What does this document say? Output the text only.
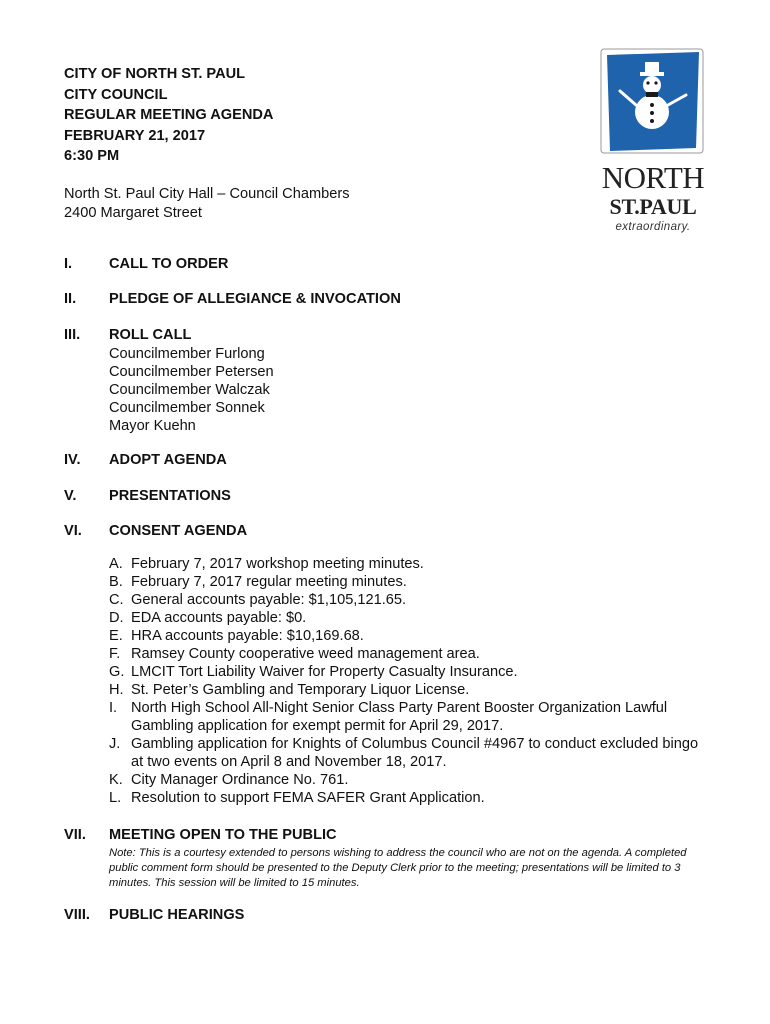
CITY OF NORTH ST. PAUL
CITY COUNCIL
REGULAR MEETING AGENDA
FEBRUARY 21, 2017
6:30 PM
North St. Paul City Hall – Council Chambers
2400 Margaret Street
NORTH
ST.PAUL
extraordinary.
I.	CALL TO ORDER
II.	PLEDGE OF ALLEGIANCE & INVOCATION
III.	ROLL CALL
Councilmember Furlong
Councilmember Petersen
Councilmember Walczak
Councilmember Sonnek
Mayor Kuehn
IV.	ADOPT AGENDA
V.	PRESENTATIONS
VI.	CONSENT AGENDA
A. February 7, 2017 workshop meeting minutes.
B. February 7, 2017 regular meeting minutes.
C. General accounts payable: $1,105,121.65.
D. EDA accounts payable: $0.
E. HRA accounts payable: $10,169.68.
F. Ramsey County cooperative weed management area.
G. LMCIT Tort Liability Waiver for Property Casualty Insurance.
H. St. Peter’s Gambling and Temporary Liquor License.
I. North High School All-Night Senior Class Party Parent Booster Organization Lawful Gambling application for exempt permit for April 29, 2017.
J. Gambling application for Knights of Columbus Council #4967 to conduct excluded bingo at two events on April 8 and November 18, 2017.
K. City Manager Ordinance No. 761.
L. Resolution to support FEMA SAFER Grant Application.
VII.	MEETING OPEN TO THE PUBLIC
Note: This is a courtesy extended to persons wishing to address the council who are not on the agenda. A completed public comment form should be presented to the Deputy Clerk prior to the meeting; presentations will be limited to 3 minutes. This session will be limited to 15 minutes.
VIII.	PUBLIC HEARINGS
